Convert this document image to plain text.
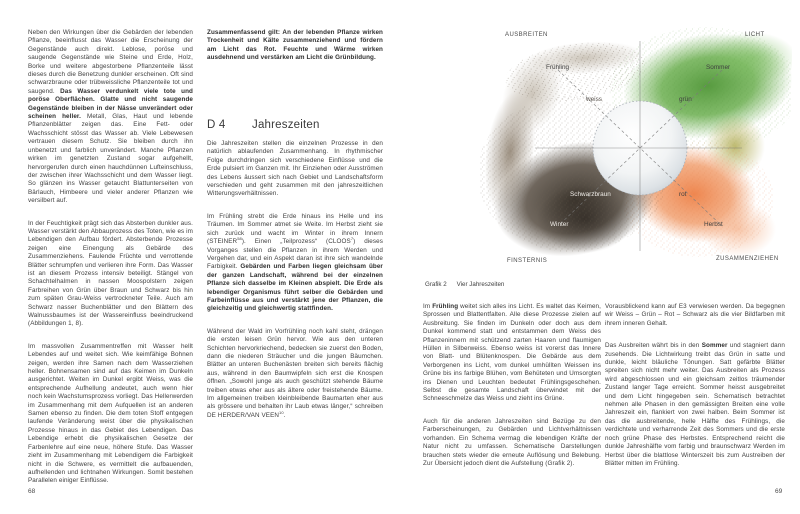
Neben den Wirkungen über die Gebärden der lebenden Pflanze, beeinflusst das Wasser die Erscheinung der Gegenstände auch direkt. Leblose, poröse und saugende Gegenstände wie Steine und Erde, Holz, Borke und weitere abgestorbene Pflanzenteile lässt dieses durch die Benetzung dunkler erscheinen. Oft sind schwarzbraune oder trübweissliche Pflanzenteile tot und saugend. Das Wasser verdunkelt viele tote und poröse Oberflächen. Glatte und nicht saugende Gegenstände bleiben in der Nässe unverändert oder scheinen heller. Metall, Glas, Haut und lebende Pflanzenblätter zeigen das. Eine Fett- oder Wachsschicht stösst das Wasser ab. Viele Lebewesen vertrauen diesem Schutz. Sie bleiben durch ihn unbenetzt und farblich unverändert. Manche Pflanzen wirken im genetzten Zustand sogar aufgehellt, hervorgerufen durch einen hauchdünnen Lufteinschluss, der zwischen ihrer Wachsschicht und dem Wasser liegt. So glänzen ins Wasser getaucht Blattunterseiten von Bärlauch, Himbeere und vieler anderer Pflanzen wie versilbert auf.

In der Feuchtigkeit prägt sich das Absterben dunkler aus. Wasser verstärkt den Abbauprozess des Toten, wie es im Lebendigen den Aufbau fördert. Absterbende Prozesse zeigen eine Einengung als Gebärde des Zusammenziehens. Faulende Früchte und verrottende Blätter schrumpfen und verlieren ihre Form. Das Wasser ist an diesem Prozess intensiv beteiligt. Stängel von Schachtelhalmen in nassen Moospolstern zeigen Farbreihen von Grün über Braun und Schwarz bis hin zum späten Grau-Weiss vertrockneter Teile. Auch am Schwarz nasser Buchenblätter und den Blättern des Walnussbaumes ist der Wassereinfluss beeindruckend (Abbildungen 1, 8).

Im massvollen Zusammentreffen mit Wasser hellt Lebendes auf und weitet sich. Wie keimfähige Bohnen zeigen, werden ihre Samen nach dem Wasserziehen heller. Bohnensamen sind auf das Keimen im Dunkeln ausgerichtet. Weiten im Dunkel ergibt Weiss, was die entsprechende Aufhellung andeutet, auch wenn hier noch kein Wachstumsprozess vorliegt. Das Hellerwerden im Zusammenhang mit dem Aufquellen ist an anderen Samen ebenso zu finden. Die dem toten Stoff entgegen laufende Veränderung weist über die physikalischen Prozesse hinaus in das Gebiet des Lebendigen. Das Lebendige erhebt die physikalischen Gesetze der Farbenlehre auf eine neue, höhere Stufe. Das Wasser zieht im Zusammenhang mit Lebendigem die Farbigkeit nicht in die Schwere, es vermittelt die aufbauenden, aufhellenden und lichtnahen Wirkungen. Somit bestehen Parallelen einiger Einflüsse.

Zusammenfassend gilt: An der lebenden Pflanze wirken Trockenheit und Kälte zusammenziehend und fördern am Licht das Rot. Feuchte und Wärme wirken ausdehnend und verstärken am Licht die Grünbildung.

D 4 Jahreszeiten

Die Jahreszeiten stellen die einzelnen Prozesse in den natürlich ablaufenden Zusammenhang. In rhythmischer Folge durchdringen sich verschiedene Einflüsse und die Erde pulsiert im Ganzen mit. Ihr Einziehen oder Ausströmen des Lebens äussert sich nach Gebiet und Landschaftsform verschieden und geht zusammen mit den jahreszeitlichen Witterungsverhältnissen.

Im Frühling strebt die Erde hinaus ins Helle und ins Träumen. Im Sommer atmet sie Weite. Im Herbst zieht sie sich zurück und wacht im Winter in ihrem Innern (STEINER$^{58}$). Einen „Teilprozess“ (CLOOS$^7$) dieses Vorganges stellen die Pflanzen in ihrem Werden und Vergehen dar, und ein Aspekt daran ist ihre sich wandelnde Farbigkeit. Gebärden und Farben liegen gleichsam über der ganzen Landschaft, während bei der einzelnen Pflanze sich dasselbe im Kleinen abspielt. Die Erde als lebendiger Organismus führt selber die Gebärden und Farbeinflüsse aus und verstärkt jene der Pflanzen, die gleichzeitig und gleichwertig stattfinden.

Während der Wald im Vorfrühling noch kahl steht, drängen die ersten leisen Grün hervor. Wie aus den unteren Schichten hervorkriechend, bedecken sie zuerst den Boden, dann die niederen Sträucher und die jungen Bäumchen. Blätter an unteren Buchenästen breiten sich bereits flächig aus, während in den Baumwipfeln sich erst die Knospen öffnen. „Sowohl junge als auch geschützt stehende Bäume treiben etwas eher aus als ältere oder freistehende Bäume. Im allgemeinen treiben kleinbleibende Baumarten eher aus als grössere und behalten ihr Laub etwas länger,“ schreiben DE HERDER/VAN VEEN$^{10}$.

68
AUSBREITEN	LICHT
FINSTERNIS	ZUSAMMENZIEHEN
Frühling	Sommer
weiss	grün
Schwarzbraun	rot
Winter	Herbst
Grafik 2 Vier Jahreszeiten

Im Frühling weitet sich alles ins Licht. Es waltet das Keimen, Sprossen und Blattentfalten. Alle diese Prozesse zielen auf Ausbreitung. Sie finden im Dunkeln oder doch aus dem Dunkel kommend statt und entstammen dem Weiss des Pflanzeninnern mit schützend zarten Haaren und flaumigen Hüllen in Silberweiss. Ebenso weiss ist vorerst das Innere von Blatt- und Blütenknospen. Die Gebärde aus dem Verborgenen ins Licht, vom dunkel umhüllten Weissen ins Grüne bis ins farbige Blühen, vom Behüteten und Umsorgten ins Dienen und Leuchten bedeutet Frühlingsgeschehen. Selbst die gesamte Landschaft überwindet mit der Schneeschmelze das Weiss und zieht ins Grüne.

Auch für die anderen Jahreszeiten sind Bezüge zu den Farberscheinungen, zu Gebärden und Lichtverhältnissen vorhanden. Ein Schema vermag die lebendigen Kräfte der Natur nicht zu umfassen. Schematische Darstellungen brauchen stets wieder die erneute Auflösung und Belebung. Zur Übersicht jedoch dient die Aufstellung (Grafik 2).

Vorausblickend kann auf E3 verwiesen werden. Da begegnen wir Weiss – Grün – Rot – Schwarz als die vier Bildfarben mit ihrem inneren Gehalt.

Das Ausbreiten währt bis in den Sommer und stagniert dann zusehends. Die Lichtwirkung treibt das Grün in satte und dunkle, leicht bläuliche Tönungen. Satt gefärbte Blätter spreiten sich nicht mehr weiter. Das Ausbreiten als Prozess wird abgeschlossen und ein gleichsam zeitlos träumender Zustand langer Tage erreicht. Sommer heisst ausgebreitet und dem Licht hingegeben sein. Schematisch betrachtet nehmen alle Phasen in den gemässigten Breiten eine volle Jahreszeit ein, flankiert von zwei halben. Beim Sommer ist das die ausbreitende, helle Hälfte des Frühlings, die verdichtete und verharrende Zeit des Sommers und die erste noch grüne Phase des Herbstes. Entsprechend reicht die dunkle Jahreshälfte vom farbig und braunschwarz Werden im Herbst über die blattlose Winterszeit bis zum Austreiben der Blätter mitten im Frühling.

69
